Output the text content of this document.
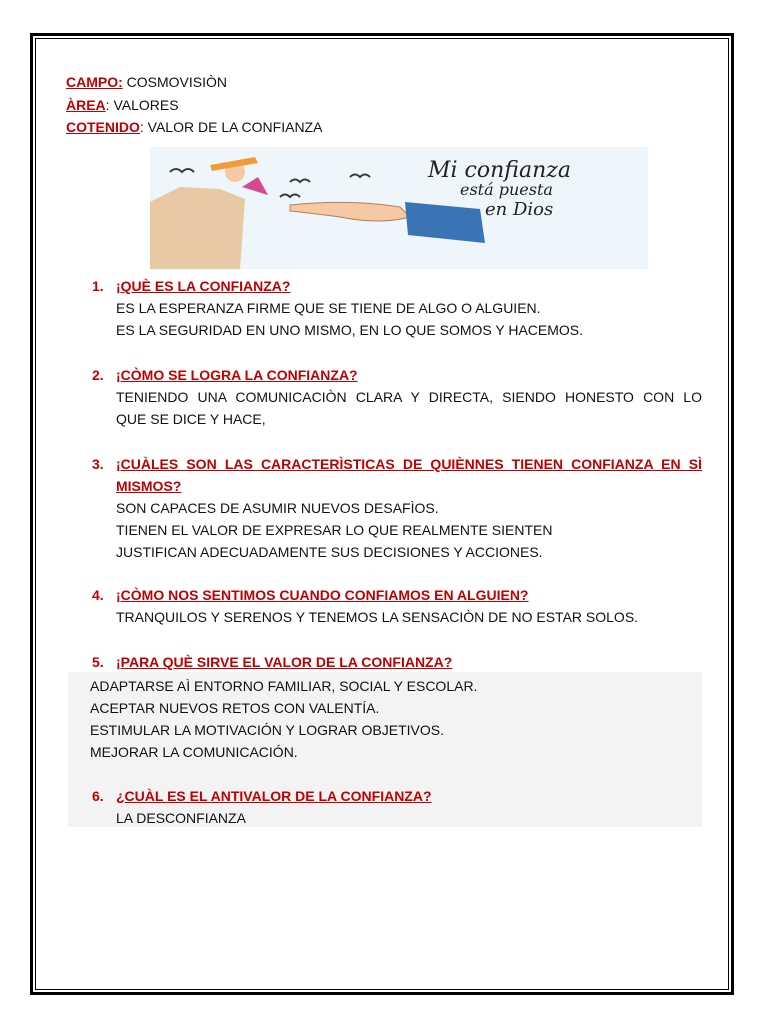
CAMPO: COSMOVISIÒN
ÀREA: VALORES
COTENIDO: VALOR DE LA CONFIANZA
Mi confianza
está puesta
en Dios
1. ¡QUÈ ES LA CONFIANZA?
ES LA ESPERANZA FIRME QUE SE TIENE DE ALGO O ALGUIEN.
ES LA SEGURIDAD EN UNO MISMO, EN LO QUE SOMOS Y HACEMOS.
2. ¡CÒMO SE LOGRA LA CONFIANZA?
TENIENDO UNA COMUNICACIÒN CLARA Y DIRECTA, SIENDO HONESTO CON LO
QUE SE DICE Y HACE,
3. ¡CUÀLES SON LAS CARACTERÌSTICAS DE QUIÈNNES TIENEN CONFIANZA EN SÌ
MISMOS?
SON CAPACES DE ASUMIR NUEVOS DESAFÌOS.
TIENEN EL VALOR DE EXPRESAR LO QUE REALMENTE SIENTEN
JUSTIFICAN ADECUADAMENTE SUS DECISIONES Y ACCIONES.
4. ¡CÒMO NOS SENTIMOS CUANDO CONFIAMOS EN ALGUIEN?
TRANQUILOS Y SERENOS Y TENEMOS LA SENSACIÒN DE NO ESTAR SOLOS.
5. ¡PARA QUÈ SIRVE EL VALOR DE LA CONFIANZA?
ADAPTARSE AÌ ENTORNO FAMILIAR, SOCIAL Y ESCOLAR.
ACEPTAR NUEVOS RETOS CON VALENTÍA.
ESTIMULAR LA MOTIVACIÓN Y LOGRAR OBJETIVOS.
MEJORAR LA COMUNICACIÓN.
6. ¿CUÀL ES EL ANTIVALOR DE LA CONFIANZA?
LA DESCONFIANZA
